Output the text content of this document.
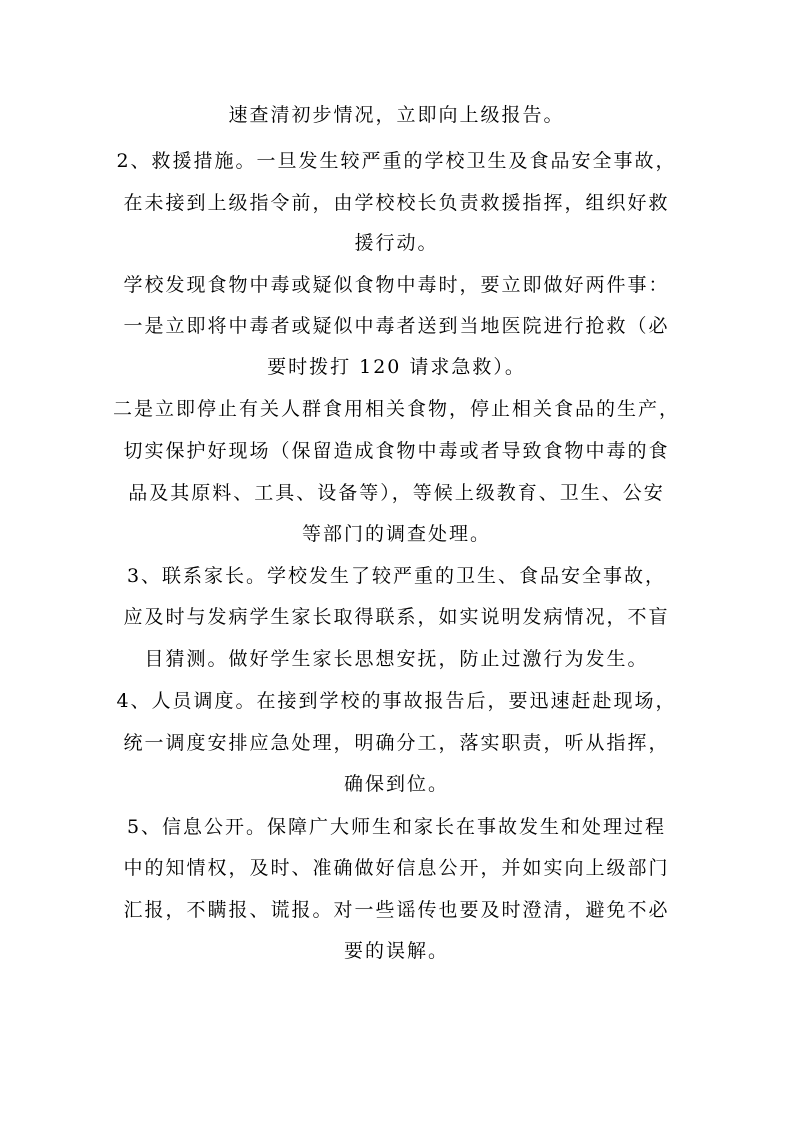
速查清初步情况，立即向上级报告。
2、救援措施。一旦发生较严重的学校卫生及食品安全事故，
在未接到上级指令前，由学校校长负责救援指挥，组织好救
援行动。
学校发现食物中毒或疑似食物中毒时，要立即做好两件事：
一是立即将中毒者或疑似中毒者送到当地医院进行抢救（必
要时拨打 120 请求急救）。
二是立即停止有关人群食用相关食物，停止相关食品的生产，
切实保护好现场（保留造成食物中毒或者导致食物中毒的食
品及其原料、工具、设备等），等候上级教育、卫生、公安
等部门的调查处理。
3、联系家长。学校发生了较严重的卫生、食品安全事故，
应及时与发病学生家长取得联系，如实说明发病情况，不盲
目猜测。做好学生家长思想安抚，防止过激行为发生。
4、人员调度。在接到学校的事故报告后，要迅速赶赴现场，
统一调度安排应急处理，明确分工，落实职责，听从指挥，
确保到位。
5、信息公开。保障广大师生和家长在事故发生和处理过程
中的知情权，及时、准确做好信息公开，并如实向上级部门
汇报，不瞒报、谎报。对一些谣传也要及时澄清，避免不必
要的误解。
